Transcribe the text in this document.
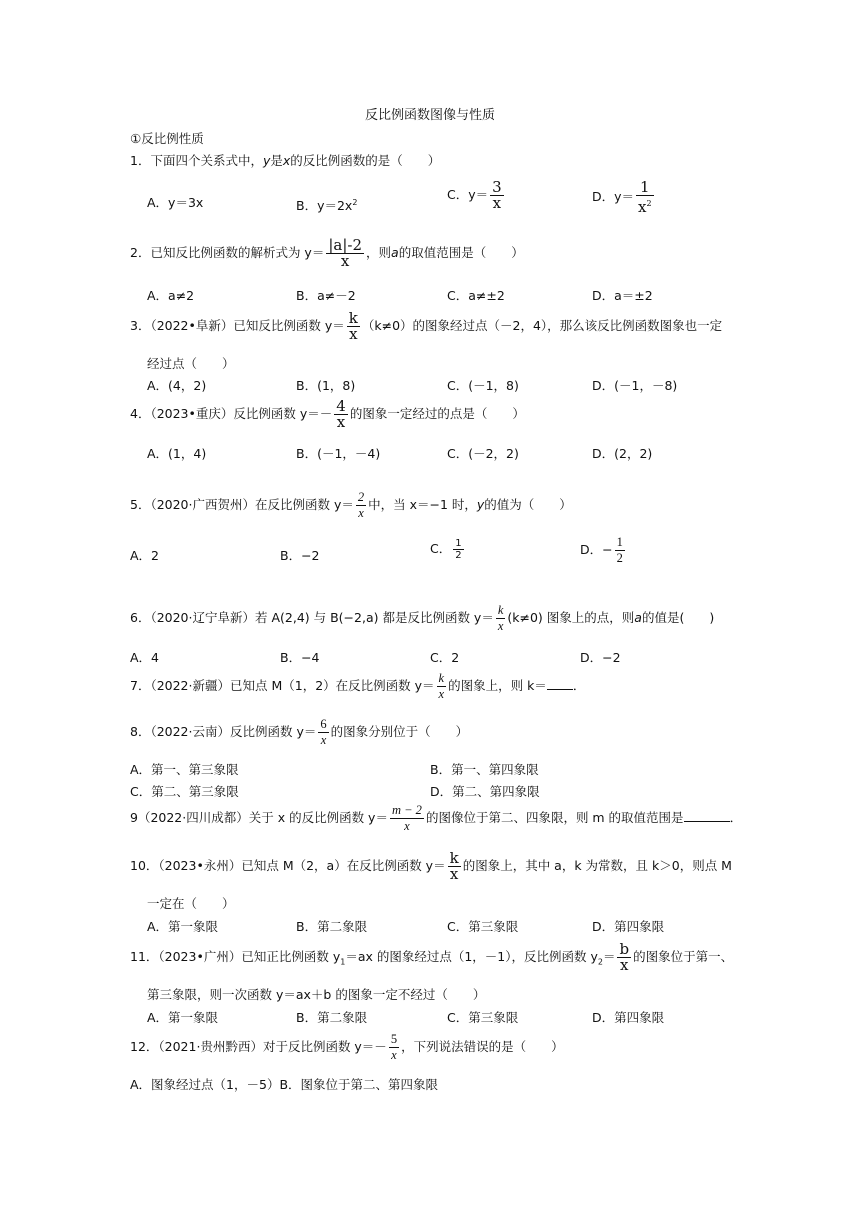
反比例函数图像与性质
①反比例性质
1．下面四个关系式中，y是x的反比例函数的是（　　）
A．y＝3x	B．$y=2x^2$
C．$y= \frac{3}{x}$	D．$y= \frac{1}{x^2}$
2．已知反比例函数的解析式为 $y= \frac{|a|-2}{x}$ ，则a的取值范围是（　　）
A．a≠2	B．a≠－2	C．a≠±2	D．a＝±2
3．（2022•阜新）已知反比例函数 $y= \frac{k}{x} (k\ne 0)$的图象经过点（－2，4），那么该反比例函数图象也一定
经过点（　　）
A．(4，2)	B．(1，8)	C．(－1，8)	D．(－1，－8)
4．（2023•重庆）反比例函数 $y=- \frac{4}{x}$ 的图象一定经过的点是（　　）
A．(1，4)	B．(－1，－4)	C．(－2，2)	D．(2，2)
5．（2020·广西贺州）在反比例函数 $y= \frac{2}{x}$ 中，当 x＝−1 时，y的值为（　　）
A．2	B．−2	C． $\frac{1}{2}$	D．− $\frac{1}{2}$
6．（2020·辽宁阜新）若 A(2,4) 与 B(−2,a) 都是反比例函数 $y= \frac{k}{x} (k\ne 0)$ 图象上的点，则a的值是(　　)
A．4	B．−4	C．2	D．−2
7．（2022·新疆）已知点 M（1，2）在反比例函数 $y= \frac{k}{x}$ 的图象上，则 k＝ ．
8．（2022·云南）反比例函数 $y= \frac{6}{x}$ 的图象分别位于（　　）
A．第一、第三象限	B．第一、第四象限
C．第二、第三象限	D．第二、第四象限
9（2022·四川成都）关于 x 的反比例函数 $y= \frac{m - 2}{x}$ 的图像位于第二、四象限，则 m 的取值范围是	．
10．（2023•永州）已知点 M（2，a）在反比例函数 $y= \frac{k}{x}$ 的图象上，其中 a，k 为常数，且 k＞0，则点 M
一定在（　　）
A．第一象限	B．第二象限	C．第三象限	D．第四象限
11．（2023•广州）已知正比例函数 $y_1=ax$ 的图象经过点（1，－1），反比例函数 $y_2= \frac{b}{x}$ 的图象位于第一、
第三象限，则一次函数 y＝ax＋b 的图象一定不经过（　　）
A．第一象限	B．第二象限	C．第三象限	D．第四象限
12．（2021·贵州黔西）对于反比例函数 $y=- \frac{5}{x}$ ，下列说法错误的是（　　）
A．图象经过点（1，－5）B．图象位于第二、第四象限
